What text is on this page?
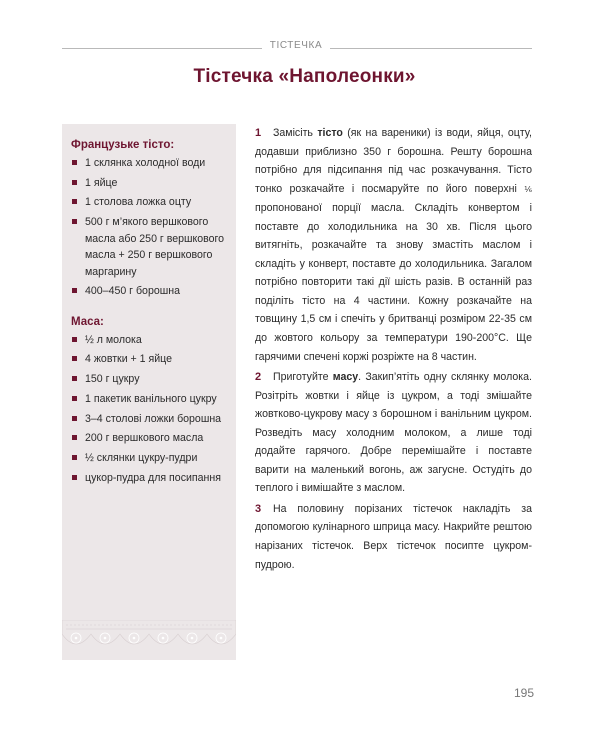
ТІСТЕЧКА
Тістечка «Наполеонки»
Французьке тісто:
1 склянка холодної води
1 яйце
1 столова ложка оцту
500 г м’якого вершкового масла або 250 г вершкового масла + 250 г вершкового маргарину
400–450 г борошна
Маса:
½ л молока
4 жовтки + 1 яйце
150 г цукру
1 пакетик ванільного цукру
3–4 столові ложки борошна
200 г вершкового масла
½ склянки цукру-пудри
цукор-пудра для посипання

1 Замісіть тісто (як на вареники) із води, яйця, оцту, додавши приблизно 350 г борошна. Решту борошна потрібно для підсипання під час розкачування. Тісто тонко розкачайте і посмаруйте по його поверхні ⅙ пропонованої порції масла. Складіть конвертом і поставте до холодильника на 30 хв. Після цього витягніть, розкачайте та знову змастіть маслом і складіть у конверт, поставте до холодильника. Загалом потрібно повторити такі дії шість разів. В останній раз поділіть тісто на 4 частини. Кожну розкачайте на товщину 1,5 см і спечіть у бритванці розміром 22-35 см до жовтого кольору за температури 190-200°С. Ще гарячими спечені коржі розріжте на 8 частин.

2 Приготуйте масу. Закип’ятіть одну склянку молока. Розітріть жовтки і яйце із цукром, а тоді змішайте жовтково-цукрову масу з борошном і ванільним цукром. Розведіть масу холодним молоком, а лише тоді додайте гарячого. Добре перемішайте і поставте варити на маленький вогонь, аж загусне. Остудіть до теплого і вимішайте з маслом.

3 На половину порізаних тістечок накладіть за допомогою кулінарного шприца масу. Накрийте рештою нарізаних тістечок. Верх тістечок посипте цукром-пудрою.

195
